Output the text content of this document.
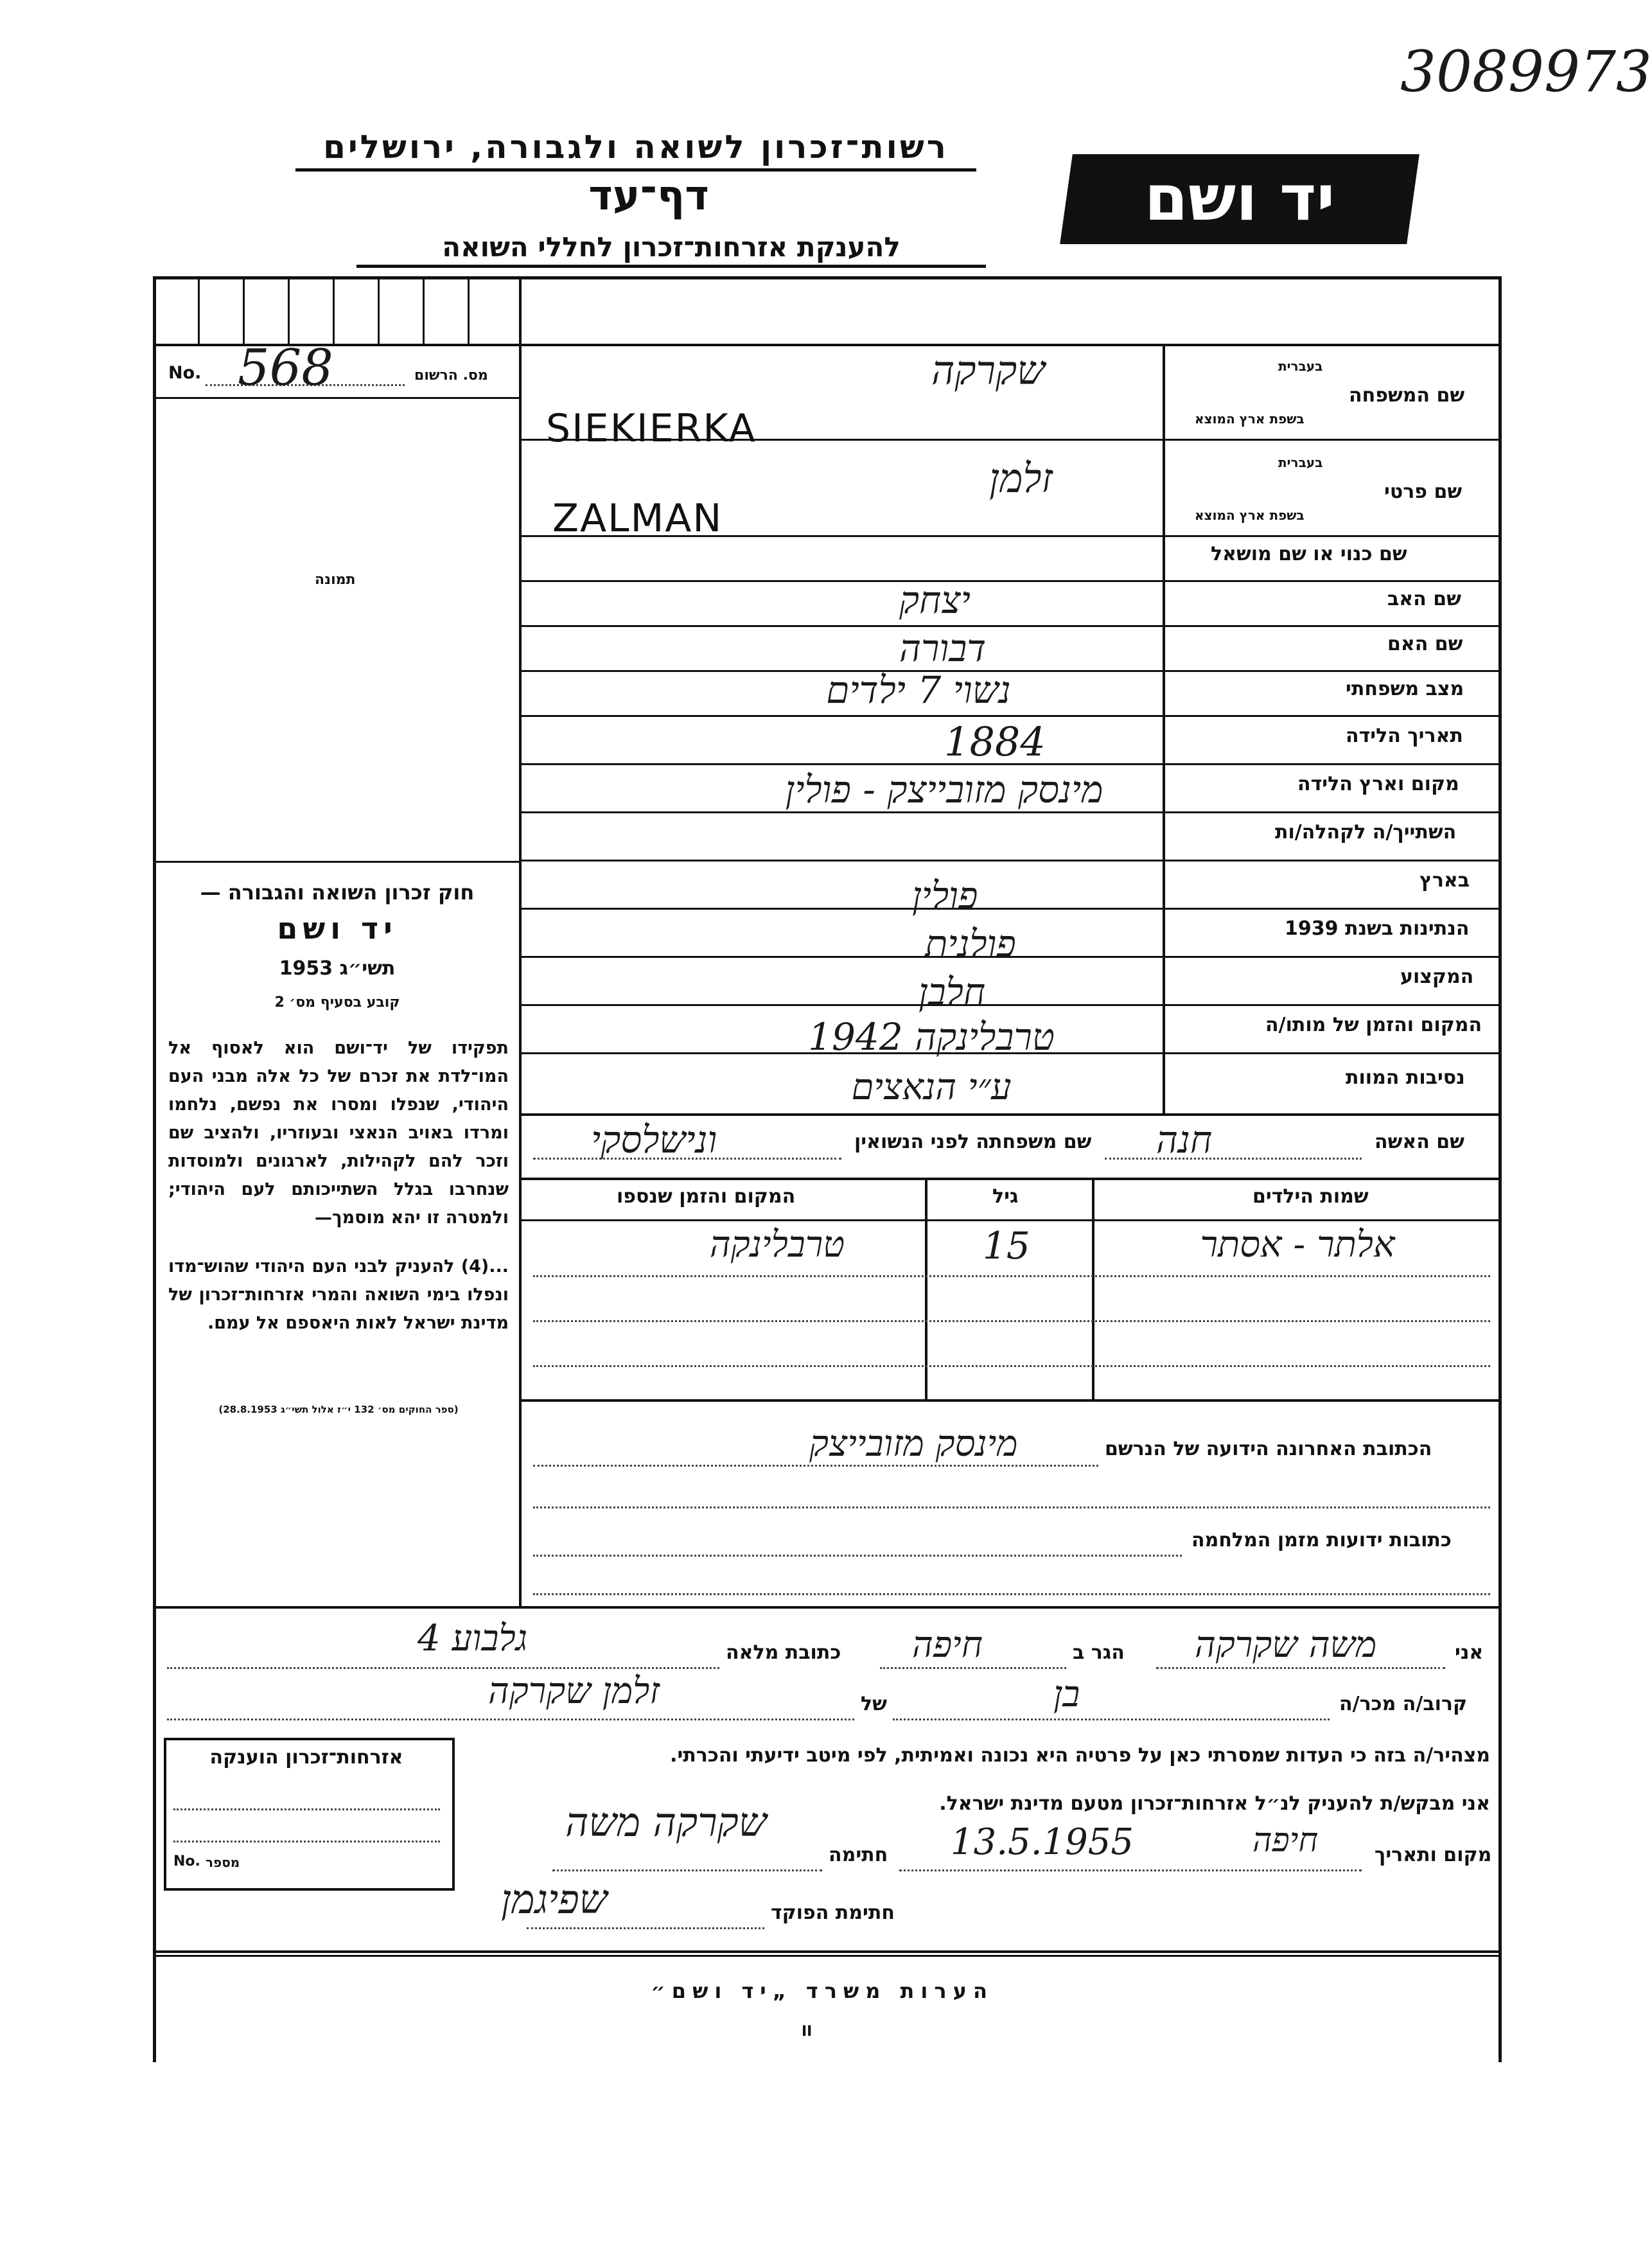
3089973
רשות־זכרון לשואה ולגבורה, ירושלים
דף־עד
להענקת אזרחות־זכרון לחללי השואה
יד ושם
No. 568	מס. הרשום
תמונה
בעברית
שם המשפחה
בשפת ארץ המוצא
שקרקה
SIEKIERKA
בעברית
שם פרטי
בשפת ארץ המוצא
זלמן
ZALMAN
שם כנוי או שם מושאל
שם האב
שם האם
מצב משפחתי
תאריך הלידה
מקום וארץ הלידה
השתייך/ה לקהלה/ות
בארץ
הנתינות בשנת 1939
המקצוע
המקום והזמן של מותו/ה
נסיבות המוות
יצחק
דבורה
נשוי 7 ילדים
1884
מינסק מזובייצק - פולין
פולין
פולנית
חלבן
טרבלינקה 1942
ע״י הנאצים
שם האשה
חנה
שם משפחתה לפני הנשואין
ונישלסקי
שמות הילדים
גיל
המקום והזמן שנספו
אלתר - אסתר
15
טרבלינקה
הכתובת האחרונה הידועה של הנרשם
מינסק מזובייצק
כתובות ידועות מזמן המלחמה
חוק זכרון השואה והגבורה —
יד ושם
תשי״ג 1953
קובע בסעיף מס׳ 2
תפקידו של יד־ושם הוא לאסוף אל המו־לדת את זכרם של כל אלה מבני העם היהודי, שנפלו ומסרו את נפשם, נלחמו ומרדו באויב הנאצי ובעוזריו, ולהציב שם וזכר להם לקהילות, לארגונים ולמוסדות שנחרבו בגלל השתייכותם לעם היהודי; ולמטרה זו יהא מוסמך—
...(4) להעניק לבני העם היהודי שהוש־מדו ונפלו בימי השואה והמרי אזרחות־זכרון של מדינת ישראל לאות היאספם אל עמם.
(ספר החוקים מס׳ 132 י״ז אלול תשי״ג 28.8.1953)
אני
משה שקרקה
הגר ב
חיפה
כתובת מלאה
גלבוע 4
קרוב/ה מכר/ה
בן
של
זלמן שקרקה
מצהיר/ה בזה כי העדות שמסרתי כאן על פרטיה היא נכונה ואמיתית, לפי מיטב ידיעתי והכרתי.
אני מבקש/ת להעניק לנ״ל אזרחות־זכרון מטעם מדינת ישראל.
מקום ותאריך
חיפה
13.5.1955
חתימה
שקרקה משה
חתימת הפוקד
שפיגמן
אזרחות־זכרון הוענקה
No. מספר
הערות משרד „יד ושם״
II
